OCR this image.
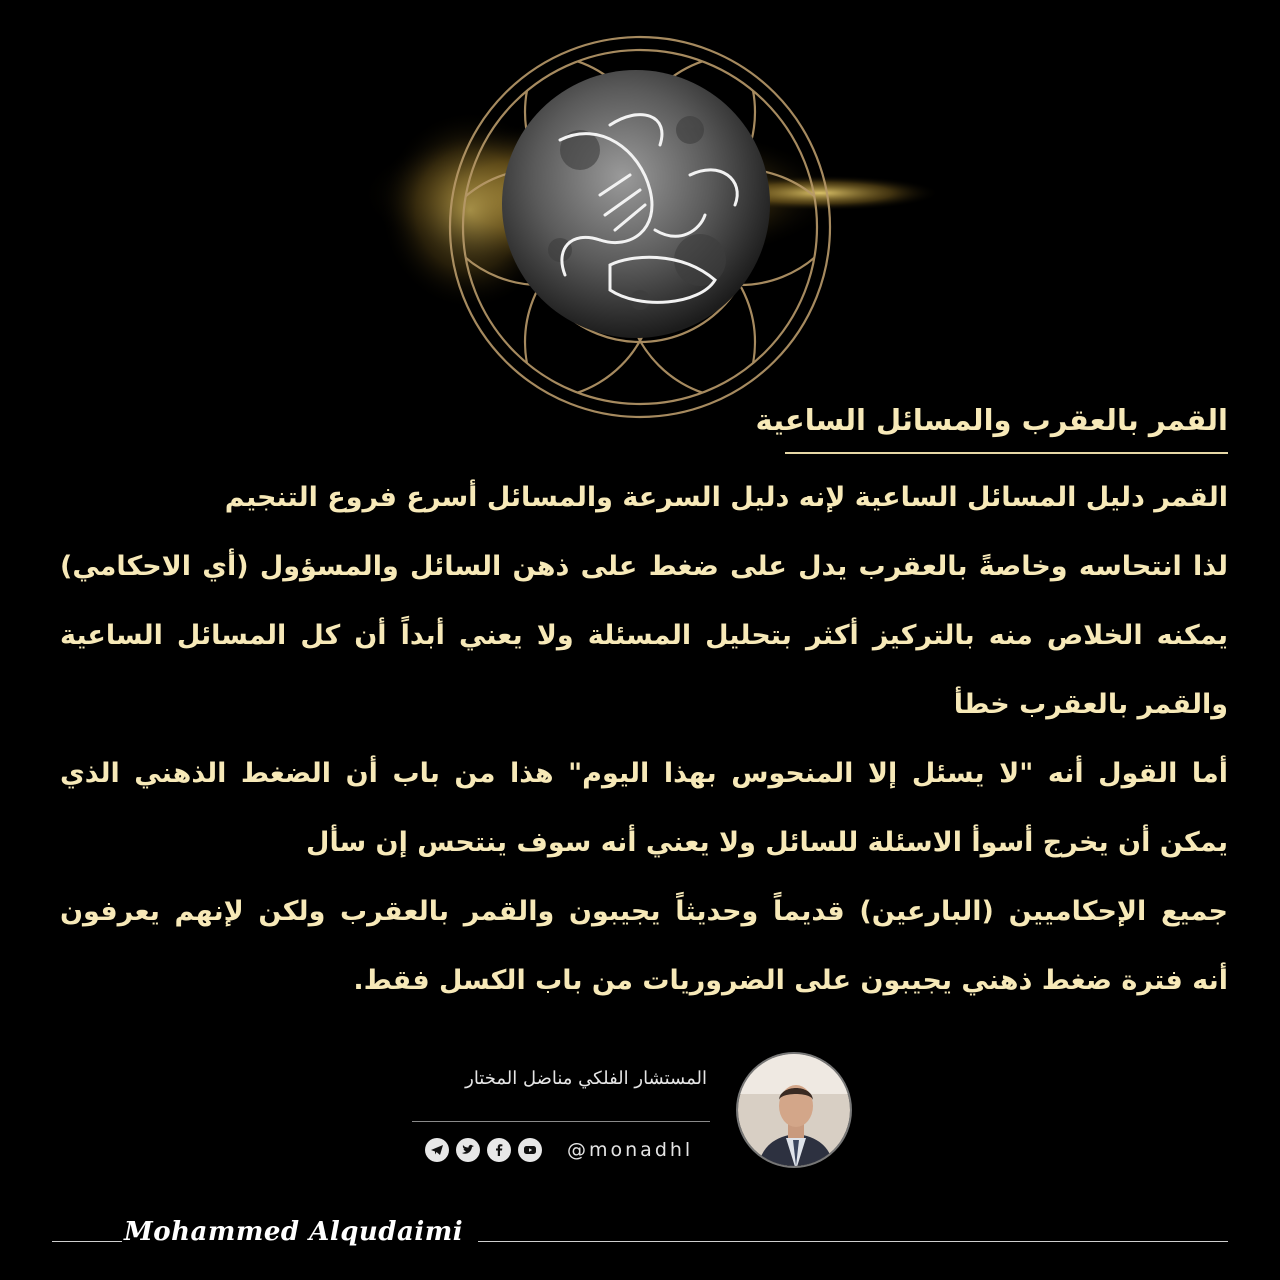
القمر بالعقرب والمسائل الساعية
القمر دليل المسائل الساعية لإنه دليل السرعة والمسائل أسرع فروع التنجيم
لذا انتحاسه وخاصةً بالعقرب يدل على ضغط على ذهن السائل والمسؤول (أي الاحكامي)
يمكنه الخلاص منه بالتركيز أكثر بتحليل المسئلة ولا يعني أبداً أن كل المسائل الساعية
والقمر بالعقرب خطأ
أما القول أنه "لا يسئل إلا المنحوس بهذا اليوم" هذا من باب أن الضغط الذهني الذي
يمكن أن يخرج أسوأ الاسئلة للسائل ولا يعني أنه سوف ينتحس إن سأل
جميع الإحكاميين (البارعين) قديماً وحديثاً يجيبون والقمر بالعقرب ولكن لإنهم يعرفون
أنه فترة ضغط ذهني يجيبون على الضروريات من باب الكسل فقط.
المستشار الفلكي مناضل المختار
@monadhl
Mohammed Alqudaimi
